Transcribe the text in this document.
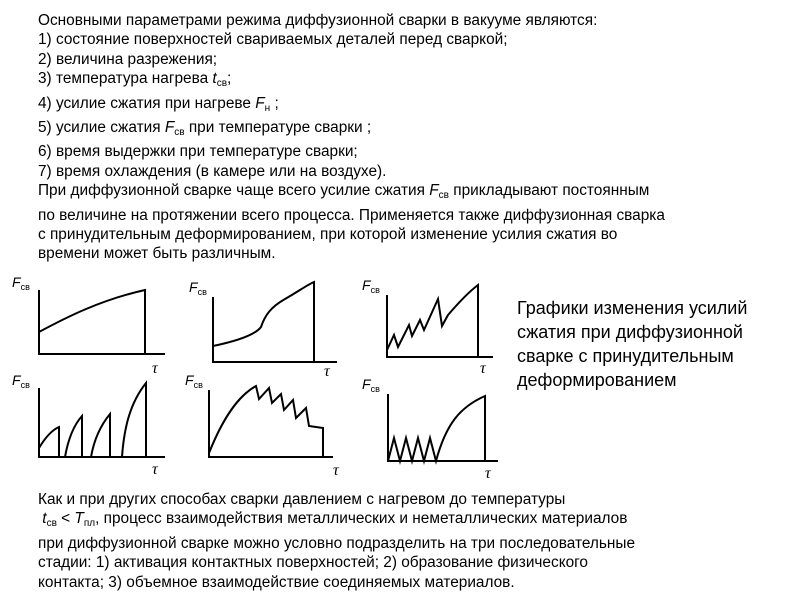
Основными параметрами режима диффузионной сварки в вакууме являются:
1) состояние поверхностей свариваемых деталей перед сваркой;
2) величина разрежения;
3) температура нагрева $t_{св}$;
4) усилие сжатия при нагреве $F_н$ ;
5) усилие сжатия $F_{св}$ при температуре сварки ;
6) время выдержки при температуре сварки;
7) время охлаждения (в камере или на воздухе).
При диффузионной сварке чаще всего усилие сжатия $F_{св}$ прикладывают постоянным
по величине на протяжении всего процесса. Применяется также диффузионная сварка
с принудительным деформированием, при которой изменение усилия сжатия во
времени может быть различным.
$F_{св}$
τ
$F_{св}$
τ
$F_{св}$
τ
$F_{св}$
τ
$F_{св}$
τ
$F_{св}$
τ
Графики изменения усилий
сжатия при диффузионной
сварке с принудительным
деформированием
Как и при других способах сварки давлением с нагревом до температуры
$t_{св} < T_{пл}$, процесс взаимодействия металлических и неметаллических материалов
при диффузионной сварке можно условно подразделить на три последовательные
стадии: 1) активация контактных поверхностей; 2) образование физического
контакта; 3) объемное взаимодействие соединяемых материалов.
